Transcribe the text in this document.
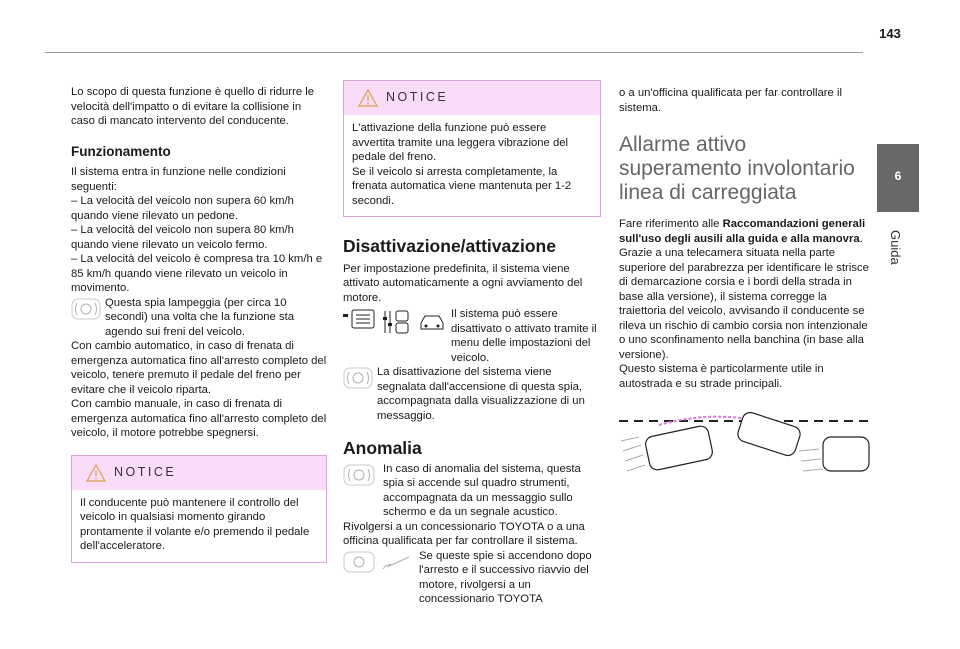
143
6
Guida

Lo scopo di questa funzione è quello di ridurre le velocità dell'impatto o di evitare la collisione in caso di mancato intervento del conducente.

Funzionamento

Il sistema entra in funzione nelle condizioni seguenti:

– La velocità del veicolo non supera 60 km/h quando viene rilevato un pedone.

– La velocità del veicolo non supera 80 km/h quando viene rilevato un veicolo fermo.

– La velocità del veicolo è compresa tra 10 km/h e 85 km/h quando viene rilevato un veicolo in movimento.

Questa spia lampeggia (per circa 10 secondi) una volta che la funzione sta agendo sui freni del veicolo.

Con cambio automatico, in caso di frenata di emergenza automatica fino all'arresto completo del veicolo, tenere premuto il pedale del freno per evitare che il veicolo riparta.

Con cambio manuale, in caso di frenata di emergenza automatica fino all'arresto completo del veicolo, il motore potrebbe spegnersi.

NOTICE
Il conducente può mantenere il controllo del veicolo in qualsiasi momento girando prontamente il volante e/o premendo il pedale dell'acceleratore.
NOTICE

L'attivazione della funzione può essere avvertita tramite una leggera vibrazione del pedale del freno.

Se il veicolo si arresta completamente, la frenata automatica viene mantenuta per 1-2 secondi.

Disattivazione/attivazione

Per impostazione predefinita, il sistema viene attivato automaticamente a ogni avviamento del motore.

Il sistema può essere disattivato o attivato tramite il menu delle impostazioni del veicolo.

La disattivazione del sistema viene segnalata dall'accensione di questa spia, accompagnata dalla visualizzazione di un messaggio.

Anomalia

In caso di anomalia del sistema, questa spia si accende sul quadro strumenti, accompagnata da un messaggio sullo schermo e da un segnale acustico.

Rivolgersi a un concessionario TOYOTA o a una officina qualificata per far controllare il sistema.

Se queste spie si accendono dopo l'arresto e il successivo riavvio del motore, rivolgersi a un concessionario TOYOTA

o a un'officina qualificata per far controllare il sistema.

Allarme attivo superamento involontario linea di carreggiata

Fare riferimento alle Raccomandazioni generali sull'uso degli ausili alla guida e alla manovra.

Grazie a una telecamera situata nella parte superiore del parabrezza per identificare le strisce di demarcazione corsia e i bordi della strada in base alla versione), il sistema corregge la traiettoria del veicolo, avvisando il conducente se rileva un rischio di cambio corsia non intenzionale o uno sconfinamento nella banchina (in base alla versione).

Questo sistema è particolarmente utile in autostrada e su strade principali.
